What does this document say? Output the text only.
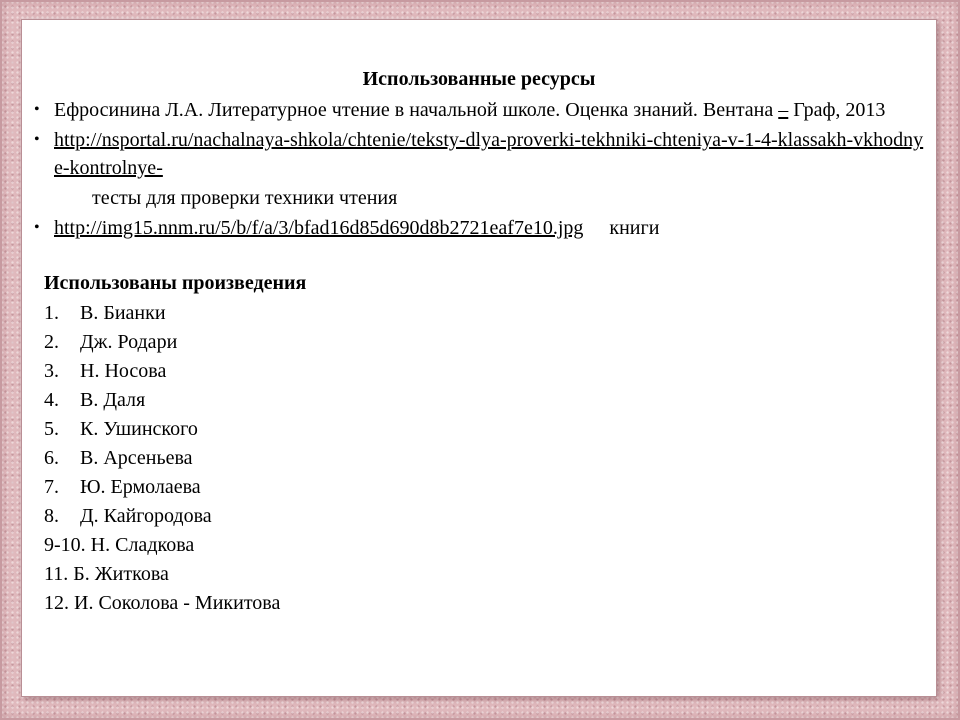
Использованные ресурсы
• Ефросинина Л.А. Литературное чтение в начальной школе. Оценка знаний. Вентана – Граф, 2013
• http://nsportal.ru/nachalnaya-shkola/chtenie/teksty-dlya-proverki-tekhniki-chteniya-v-1-4-klassakh-vkhodnye-kontrolnye-
тесты для проверки техники чтения
• http://img15.nnm.ru/5/b/f/a/3/bfad16d85d690d8b2721eaf7e10.jpg книги
Использованы произведения
1. В. Бианки
2. Дж. Родари
3. Н. Носова
4. В. Даля
5. К. Ушинского
6. В. Арсеньева
7. Ю. Ермолаева
8. Д. Кайгородова
9-10. Н. Сладкова
11. Б. Житкова
12. И. Соколова - Микитова
